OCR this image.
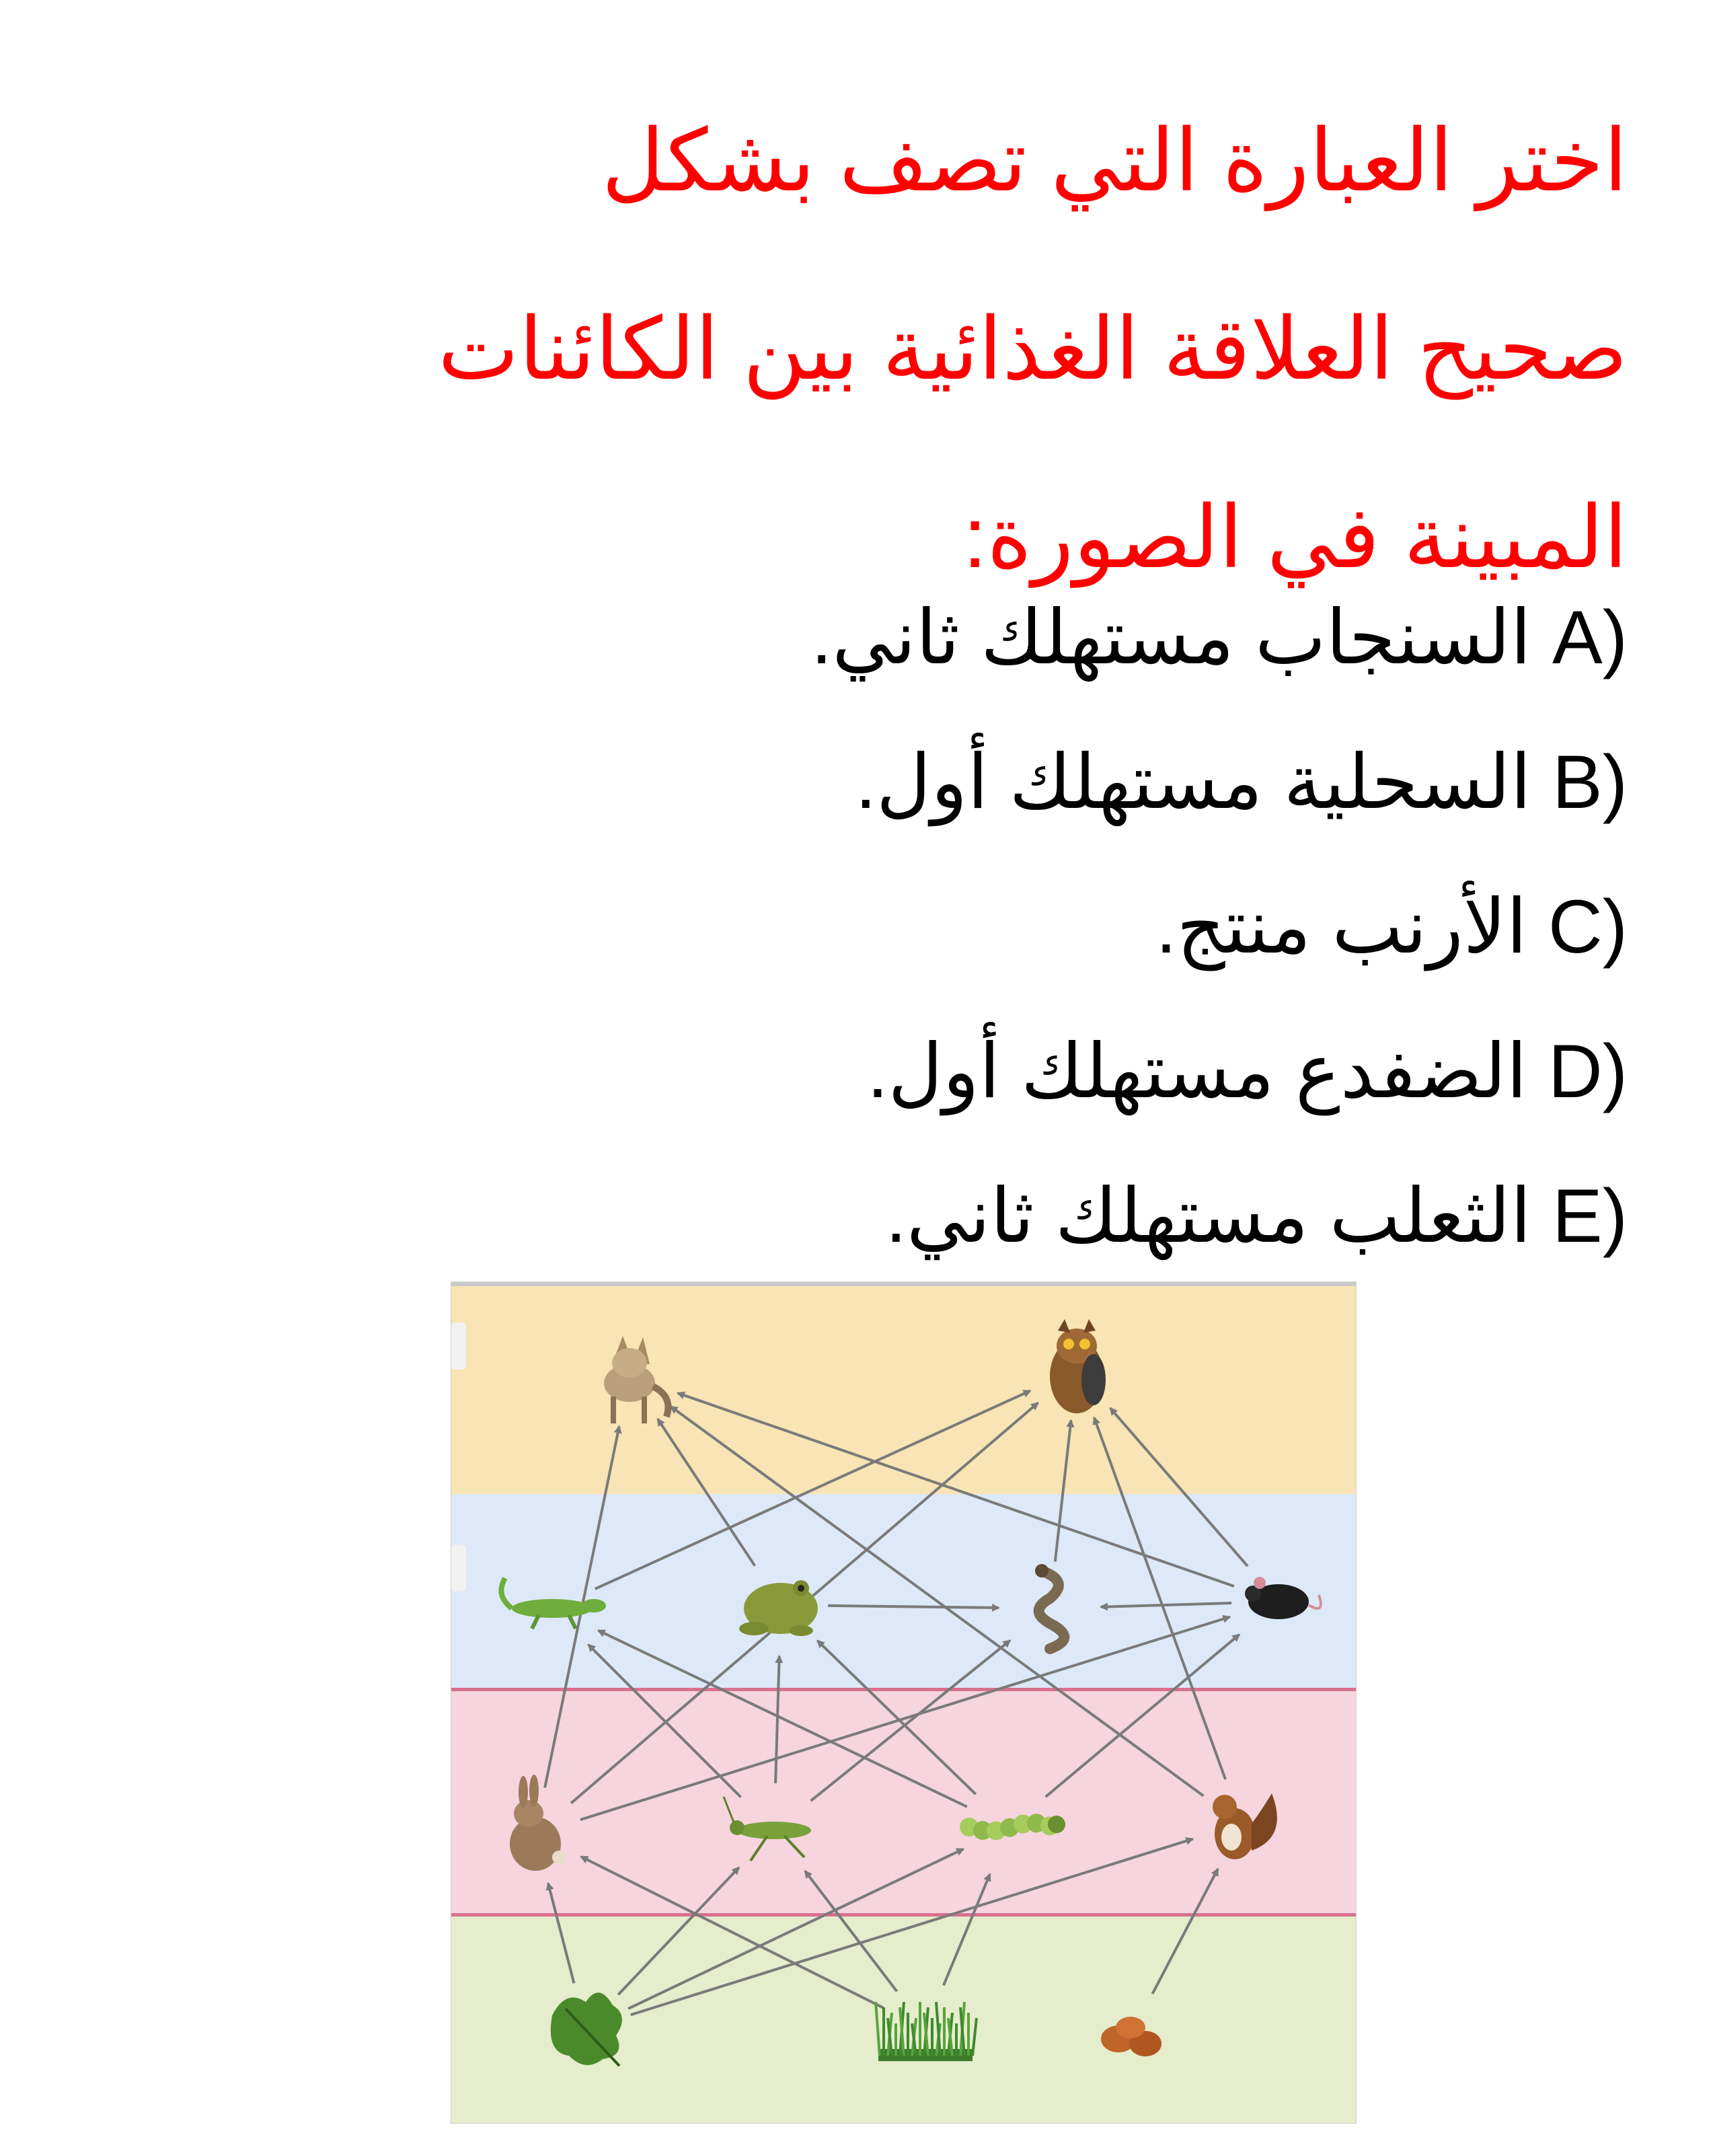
اختر العبارة التي تصف بشكل
صحيح العلاقة الغذائية بين الكائنات
المبينة في الصورة:
A) السنجاب مستهلك ثاني.
B) السحلية مستهلك أول.
C) الأرنب منتج.
D) الضفدع مستهلك أول.
E) الثعلب مستهلك ثاني.
